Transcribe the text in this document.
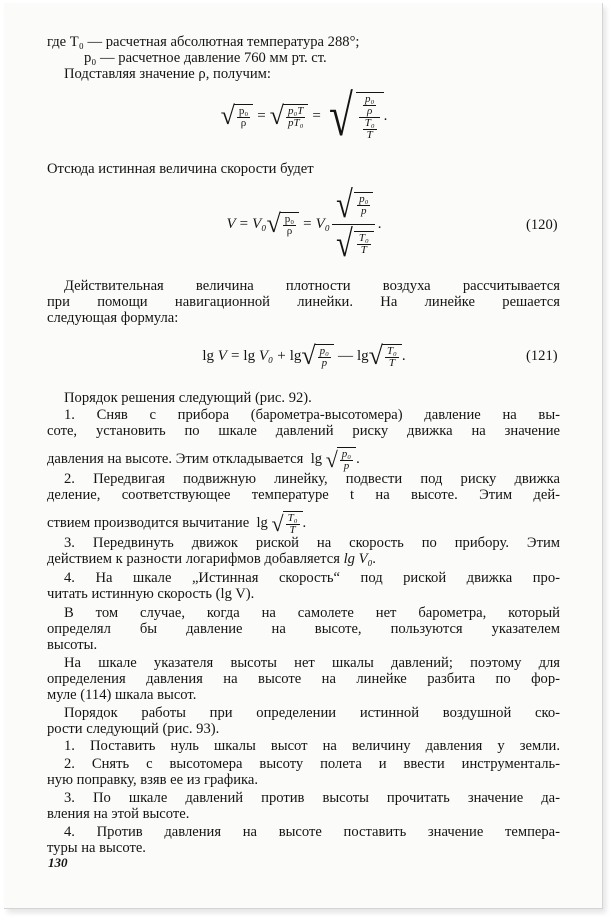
где T₀ — расчетная абсолютная температура 288°;
p₀ — расчетное давление 760 мм рт. ст.
Подставляя значение ρ, получим:
√ $\frac{\text{p₀}}{\rho}$ = √ $\frac{\text{p₀T}}{\text{pT₀}}$ = √ $\frac{\frac{\text{p₀}}{\rho}}{\frac{\text{T₀}}{T}}$ .
Отсюда истинная величина скорости будет
V = V₀ √ $\frac{\text{p₀}}{\rho} = V_0 \frac{√ \frac{\text{p₀}}{p}}{√ \frac{\text{T₀}}{T}}$ .	(120)
Действительная величина плотности воздуха рассчитывается
при помощи навигационной линейки. На линейке решается
следующая формула:
lg
V = lg
V₀ + lg √ $\frac{\text{p₀}}{p}$ — lg √ $\frac{\text{T₀}}{T}$ .	(121)
Порядок решения следующий (рис. 92).
1. Сняв с прибора (барометра-высотомера) давление на вы-
соте, установить по шкале давлений риску движка на значение
давления на высоте. Этим откладывается lg √ $\frac{\text{p₀}}{p}$ .
2. Передвигая подвижную линейку, подвести под риску движка
деление, соответствующее температуре t на высоте. Этим дей-
ствием производится вычитание lg √ $\frac{\text{T₀}}{T}$ .
3. Передвинуть движок риской на скорость по прибору. Этим
действием к разности логарифмов добавляется lg V₀.
4. На шкале „Истинная скорость“ под риской движка про-
читать истинную скорость (lg V).
В том случае, когда на самолете нет барометра, который
определял бы давление на высоте, пользуются указателем
высоты.
На шкале указателя высоты нет шкалы давлений; поэтому для
определения давления на высоте на линейке разбита по фор-
муле (114) шкала высот.
Порядок работы при определении истинной воздушной ско-
рости следующий (рис. 93).
1. Поставить нуль шкалы высот на величину давления у земли.
2. Снять с высотомера высоту полета и ввести инструменталь-
ную поправку, взяв ее из графика.
3. По шкале давлений против высоты прочитать значение да-
вления на этой высоте.
4. Против давления на высоте поставить значение темпера-
туры на высоте.
130
